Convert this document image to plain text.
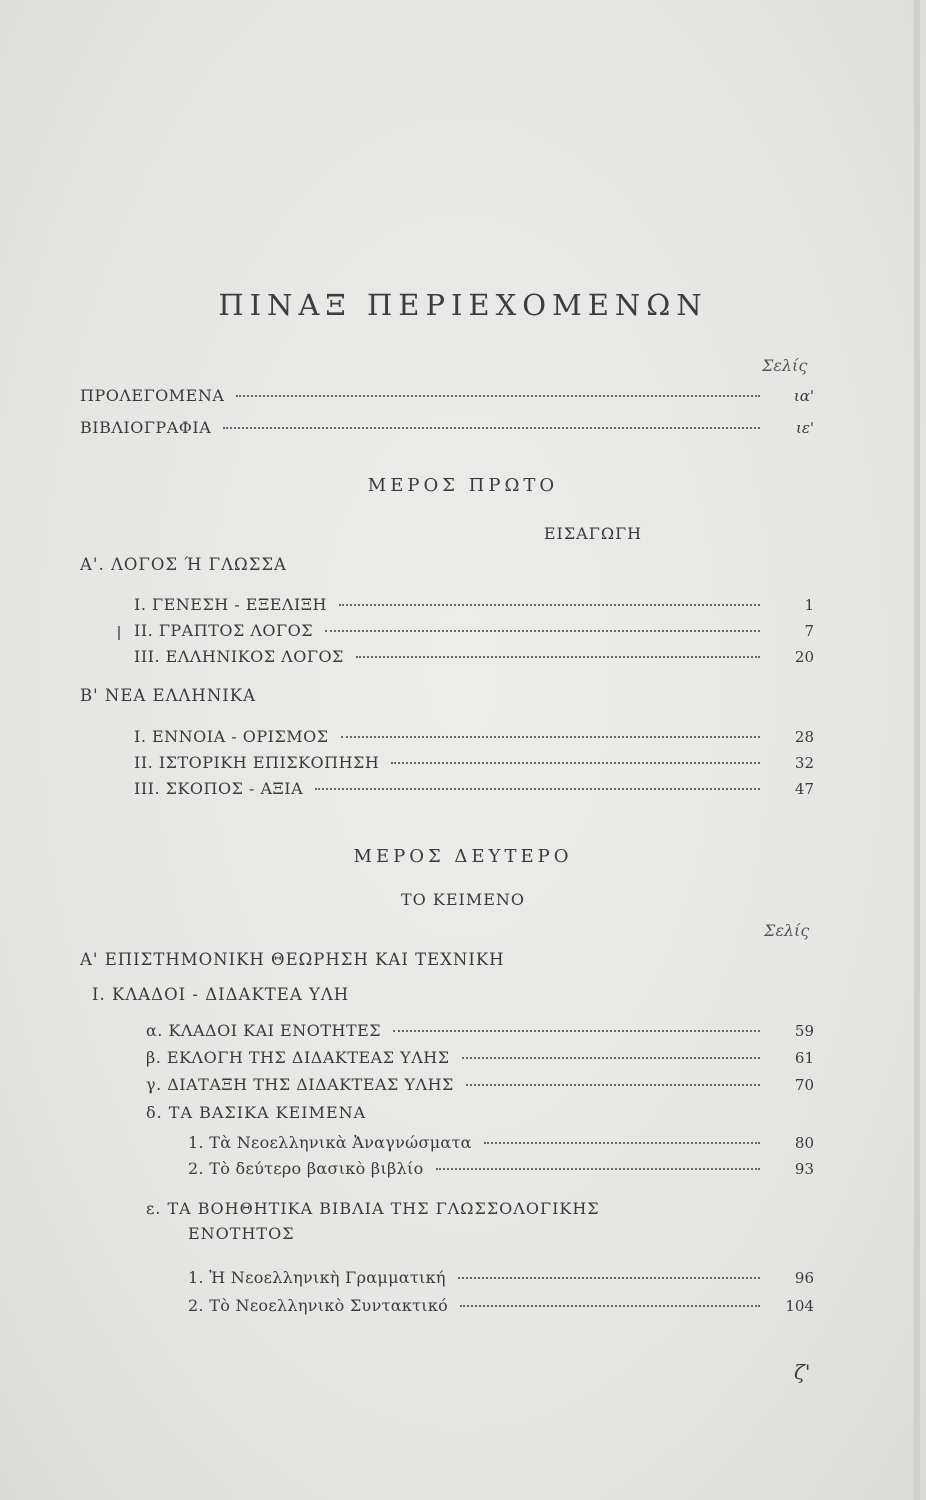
ΠΙΝΑΞ ΠΕΡΙΕΧΟΜΕΝΩΝ
Σελίς
ΠΡΟΛΕΓΟΜΕΝΑ	ια'
ΒΙΒΛΙΟΓΡΑΦΙΑ	ιε'
ΜΕΡΟΣ ΠΡΩΤΟ
ΕΙΣΑΓΩΓΗ
Α'. ΛΟΓΟΣ Ή ΓΛΩΣΣΑ
Ι. ΓΕΝΕΣΗ - ΕΞΕΛΙΞΗ	1
ΙΙ. ΓΡΑΠΤΟΣ ΛΟΓΟΣ	7
ΙΙΙ. ΕΛΛΗΝΙΚΟΣ ΛΟΓΟΣ	20
Β' ΝΕΑ ΕΛΛΗΝΙΚΑ
Ι. ΕΝΝΟΙΑ - ΟΡΙΣΜΟΣ	28
ΙΙ. ΙΣΤΟΡΙΚΗ ΕΠΙΣΚΟΠΗΣΗ	32
ΙΙΙ. ΣΚΟΠΟΣ - ΑΞΙΑ	47
ΜΕΡΟΣ ΔΕΥΤΕΡΟ
ΤΟ ΚΕΙΜΕΝΟ
Σελίς
Α' ΕΠΙΣΤΗΜΟΝΙΚΗ ΘΕΩΡΗΣΗ ΚΑΙ ΤΕΧΝΙΚΗ
Ι. ΚΛΑΔΟΙ - ΔΙΔΑΚΤΕΑ ΥΛΗ
α. ΚΛΑΔΟΙ ΚΑΙ ΕΝΟΤΗΤΕΣ	59
β. ΕΚΛΟΓΗ ΤΗΣ ΔΙΔΑΚΤΕΑΣ ΥΛΗΣ	61
γ. ΔΙΑΤΑΞΗ ΤΗΣ ΔΙΔΑΚΤΕΑΣ ΥΛΗΣ	70
δ. ΤΑ ΒΑΣΙΚΑ ΚΕΙΜΕΝΑ
1. Τὰ Νεοελληνικὰ Ἀναγνώσματα	80
2. Τὸ δεύτερο βασικὸ βιβλίο	93
ε. ΤΑ ΒΟΗΘΗΤΙΚΑ ΒΙΒΛΙΑ ΤΗΣ ΓΛΩΣΣΟΛΟΓΙΚΗΣ
ΕΝΟΤΗΤΟΣ
1. Ἡ Νεοελληνικὴ Γραμματική	96
2. Τὸ Νεοελληνικὸ Συντακτικό	104
ζ'
